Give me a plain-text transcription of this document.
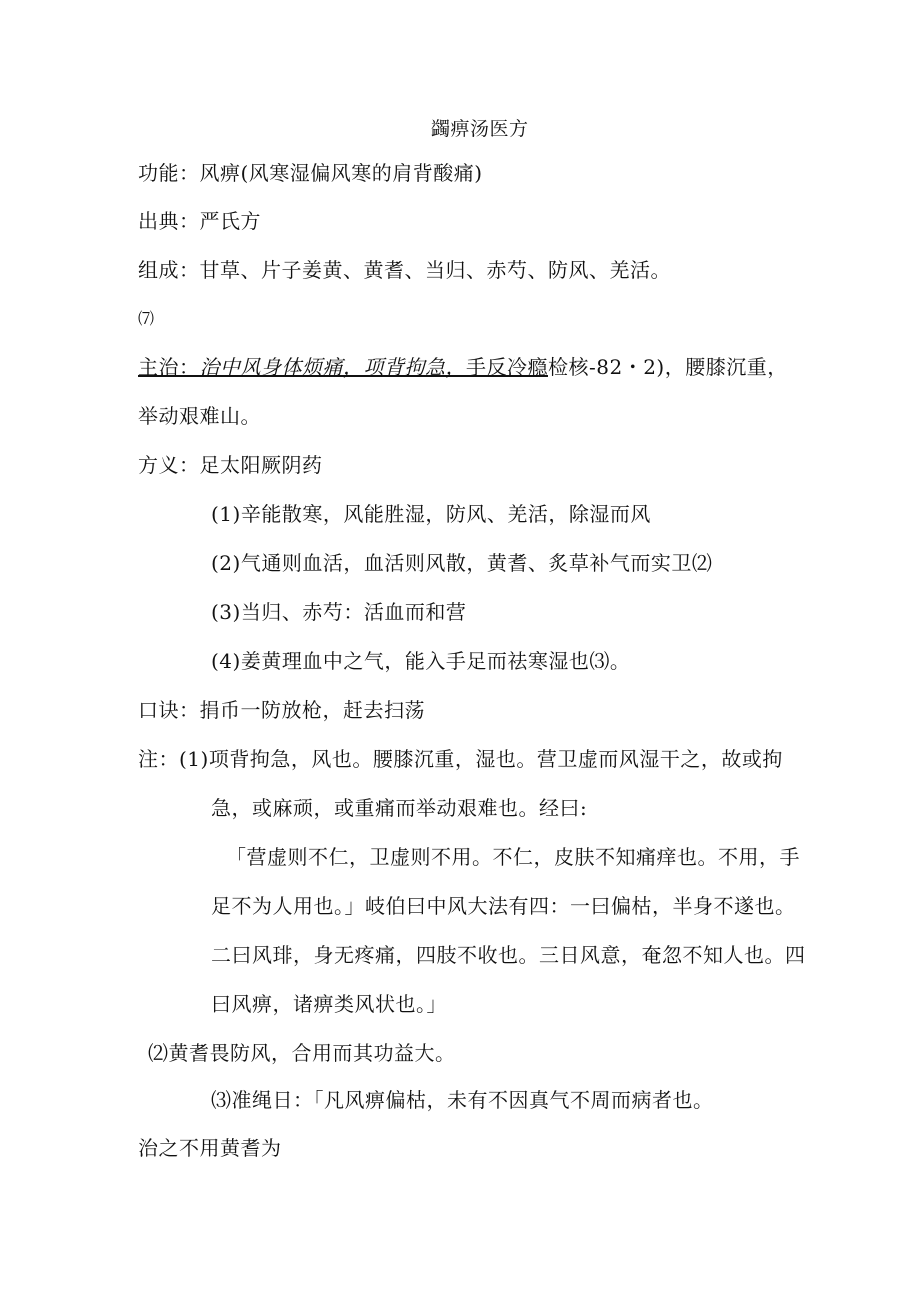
蠲痹汤医方
功能：风痹(风寒湿偏风寒的肩背酸痛)
出典：严氏方
组成：甘草、片子姜黄、黄耆、当归、赤芍、防风、羌活。
⑺
主治：治中风身体烦痛，项背拘急，手反冷瘾检核-82・2)，腰膝沉重，
举动艰难山。
方义：足太阳厥阴药
(1)辛能散寒，风能胜湿，防风、羌活，除湿而风
(2)气通则血活，血活则风散，黄耆、炙草补气而实卫⑵
(3)当归、赤芍：活血而和营
(4)姜黄理血中之气，能入手足而祛寒湿也⑶。
口诀：捐币一防放枪，赶去扫荡
注：(1)项背拘急，风也。腰膝沉重，湿也。营卫虚而风湿干之，故或拘
急，或麻顽，或重痛而举动艰难也。经曰:
「营虚则不仁，卫虚则不用。不仁，皮肤不知痛痒也。不用，手
足不为人用也。」岐伯曰中风大法有四：一曰偏枯，半身不遂也。
二曰风琲，身无疼痛，四肢不收也。三日风意，奄忽不知人也。四
曰风痹，诸痹类风状也。」
⑵黄耆畏防风，合用而其功益大。
⑶准绳日：「凡风痹偏枯，未有不因真气不周而病者也。
治之不用黄耆为
